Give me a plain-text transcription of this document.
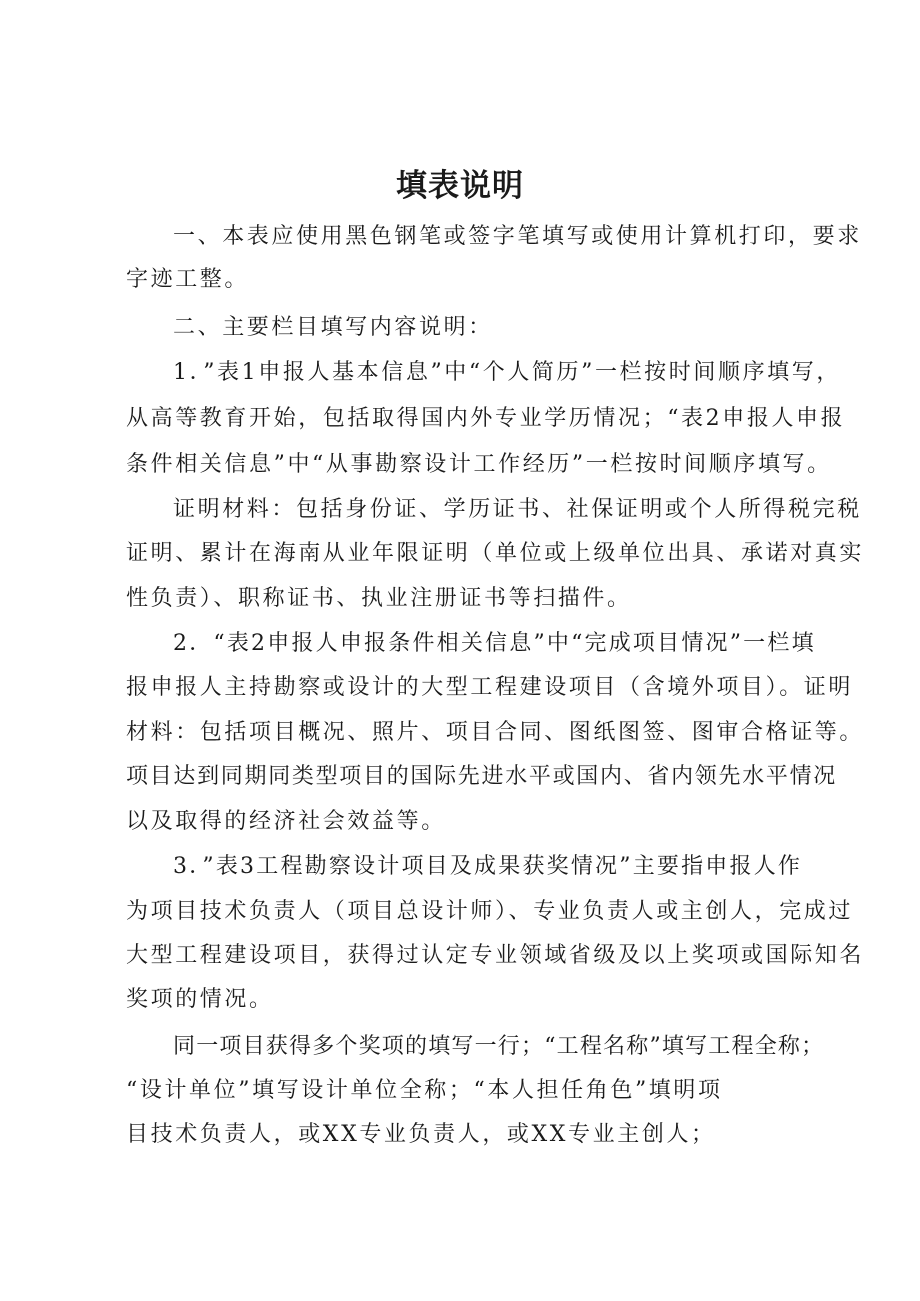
填表说明
一、本表应使用黑色钢笔或签字笔填写或使用计算机打印，要求
字迹工整。
二、主要栏目填写内容说明：
1．”表1申报人基本信息”中“个人简历”一栏按时间顺序填写，
从高等教育开始，包括取得国内外专业学历情况；“表2申报人申报
条件相关信息”中“从事勘察设计工作经历”一栏按时间顺序填写。
证明材料：包括身份证、学历证书、社保证明或个人所得税完税
证明、累计在海南从业年限证明（单位或上级单位出具、承诺对真实
性负责）、职称证书、执业注册证书等扫描件。
2．“表2申报人申报条件相关信息”中“完成项目情况”一栏填
报申报人主持勘察或设计的大型工程建设项目（含境外项目）。证明
材料：包括项目概况、照片、项目合同、图纸图签、图审合格证等。
项目达到同期同类型项目的国际先进水平或国内、省内领先水平情况
以及取得的经济社会效益等。
3．”表3工程勘察设计项目及成果获奖情况”主要指申报人作
为项目技术负责人（项目总设计师）、专业负责人或主创人，完成过
大型工程建设项目，获得过认定专业领域省级及以上奖项或国际知名
奖项的情况。
同一项目获得多个奖项的填写一行；“工程名称”填写工程全称；
“设计单位”填写设计单位全称；“本人担任角色”填明项
目技术负责人，或XX专业负责人，或XX专业主创人；
